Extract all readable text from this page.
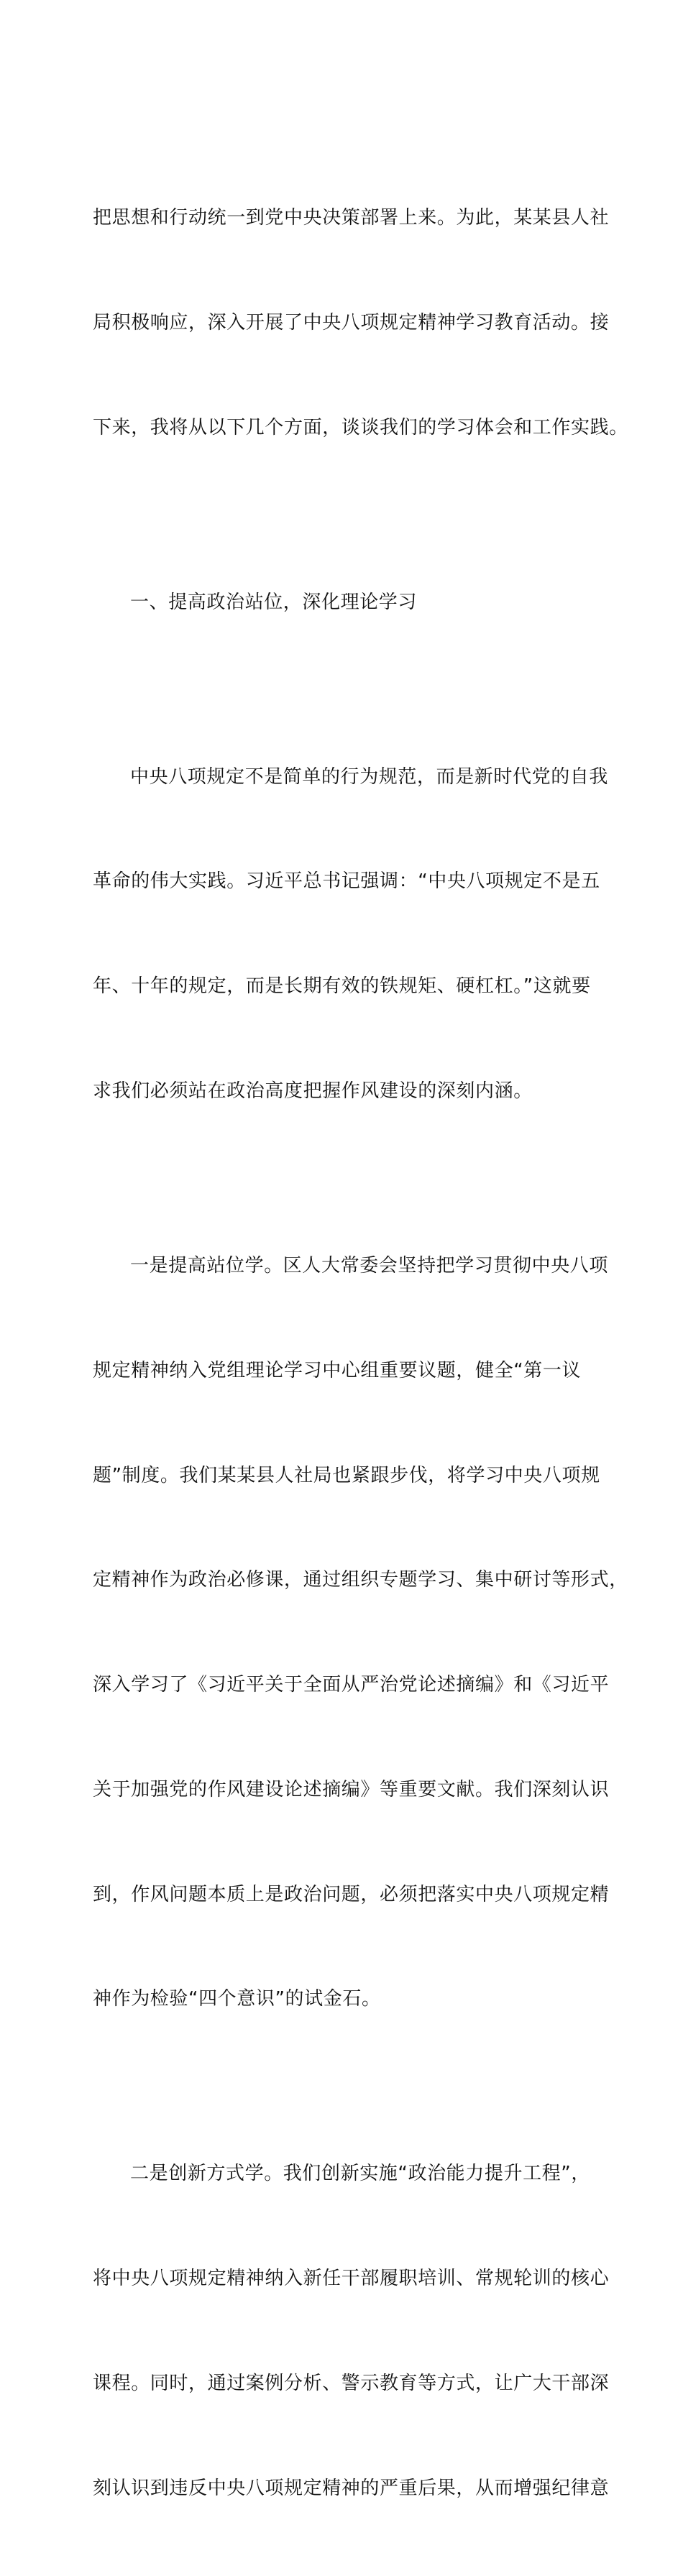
把思想和行动统一到党中央决策部署上来。为此，某某县人社

局积极响应，深入开展了中央八项规定精神学习教育活动。接

下来，我将从以下几个方面，谈谈我们的学习体会和工作实践。

一、提高政治站位，深化理论学习

中央八项规定不是简单的行为规范，而是新时代党的自我

革命的伟大实践。习近平总书记强调：“中央八项规定不是五

年、十年的规定，而是长期有效的铁规矩、硬杠杠。”这就要

求我们必须站在政治高度把握作风建设的深刻内涵。

一是提高站位学。区人大常委会坚持把学习贯彻中央八项

规定精神纳入党组理论学习中心组重要议题，健全“第一议

题”制度。我们某某县人社局也紧跟步伐，将学习中央八项规

定精神作为政治必修课，通过组织专题学习、集中研讨等形式，

深入学习了《习近平关于全面从严治党论述摘编》和《习近平

关于加强党的作风建设论述摘编》等重要文献。我们深刻认识

到，作风问题本质上是政治问题，必须把落实中央八项规定精

神作为检验“四个意识”的试金石。

二是创新方式学。我们创新实施“政治能力提升工程”，

将中央八项规定精神纳入新任干部履职培训、常规轮训的核心

课程。同时，通过案例分析、警示教育等方式，让广大干部深

刻认识到违反中央八项规定精神的严重后果，从而增强纪律意
